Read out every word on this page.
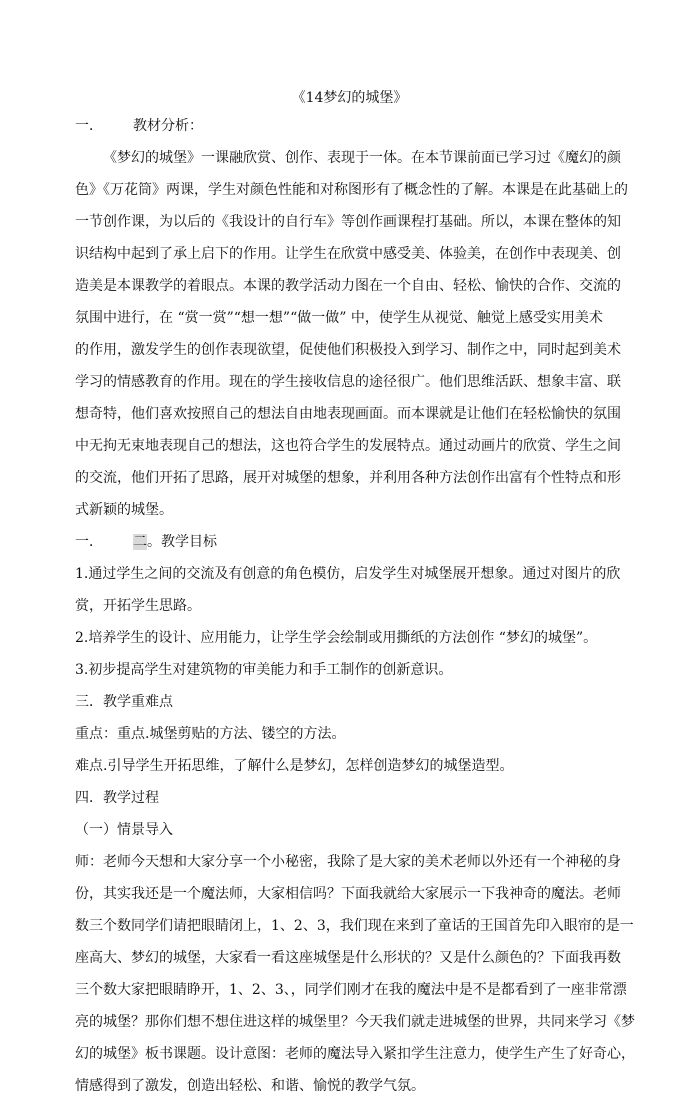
《14梦幻的城堡》
一． 教材分析：
《梦幻的城堡》一课融欣赏、创作、表现于一体。在本节课前面已学习过《魔幻的颜
色》《万花筒》两课，学生对颜色性能和对称图形有了概念性的了解。本课是在此基础上的
一节创作课，为以后的《我设计的自行车》等创作画课程打基础。所以，本课在整体的知
识结构中起到了承上启下的作用。让学生在欣赏中感受美、体验美，在创作中表现美、创
造美是本课教学的着眼点。本课的教学活动力图在一个自由、轻松、愉快的合作、交流的
氛围中进行，在 “赏一赏”“想一想”“做一做” 中，使学生从视觉、触觉上感受实用美术
的作用，激发学生的创作表现欲望，促使他们积极投入到学习、制作之中，同时起到美术
学习的情感教育的作用。现在的学生接收信息的途径很广。他们思维活跃、想象丰富、联
想奇特，他们喜欢按照自己的想法自由地表现画面。而本课就是让他们在轻松愉快的氛围
中无拘无束地表现自己的想法，这也符合学生的发展特点。通过动画片的欣赏、学生之间
的交流，他们开拓了思路，展开对城堡的想象，并利用各种方法创作出富有个性特点和形
式新颖的城堡。
一． 二。教学目标
1.通过学生之间的交流及有创意的角色模仿，启发学生对城堡展开想象。通过对图片的欣
赏，开拓学生思路。
2.培养学生的设计、应用能力，让学生学会绘制或用撕纸的方法创作 “梦幻的城堡”。
3.初步提高学生对建筑物的审美能力和手工制作的创新意识。
三．教学重难点
重点：重点.城堡剪贴的方法、镂空的方法。
难点.引导学生开拓思维，了解什么是梦幻，怎样创造梦幻的城堡造型。
四．教学过程
（一）情景导入
师：老师今天想和大家分享一个小秘密，我除了是大家的美术老师以外还有一个神秘的身
份，其实我还是一个魔法师，大家相信吗？下面我就给大家展示一下我神奇的魔法。老师
数三个数同学们请把眼睛闭上，1、2、3，我们现在来到了童话的王国首先印入眼帘的是一
座高大、梦幻的城堡，大家看一看这座城堡是什么形状的？又是什么颜色的？下面我再数
三个数大家把眼睛睁开，1、2、3、，同学们刚才在我的魔法中是不是都看到了一座非常漂
亮的城堡？那你们想不想住进这样的城堡里？今天我们就走进城堡的世界，共同来学习《梦
幻的城堡》板书课题。设计意图：老师的魔法导入紧扣学生注意力，使学生产生了好奇心，
情感得到了激发，创造出轻松、和谐、愉悦的教学气氛。
